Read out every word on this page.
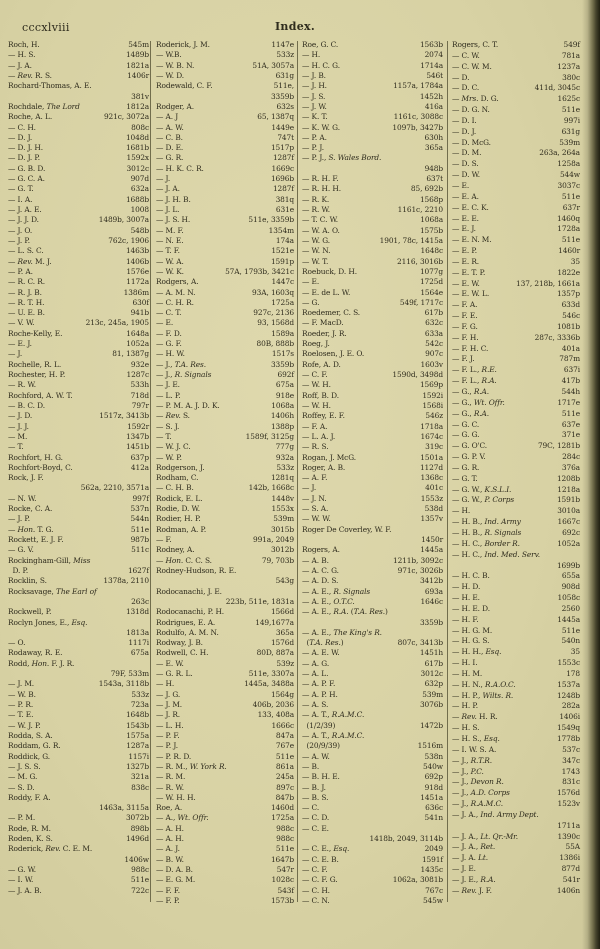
cccxlviii	Index.
Roch, H.	545m
— H. S.	1489b
— J. A.	1821a
— Rev. R. S.	1406r
Rochard-Thomas, A. E.
381v
Rochdale, The Lord	1812a
Roche, A. L.	921c, 3072a
— C. H.	808c
— D. J.	1048d
— D. J. H.	1681b
— D. J. P.	1592x
— G. B. D.	3012c
— G. C. A.	907d
— G. T.	632a
— I. A.	1688b
— J. A. E.	1008
— J. J. D.	1489b, 3007a
— J. O.	548b
— J. P.	762c, 1906
— L. S. C.	1463b
— Rev. M. J.	1406b
— P. A.	1576e
— R. C. R.	1172a
— R. J. B.	1386m
— R. T. H.	630f
— U. E. B.	941b
— V. W.	213c, 245a, 1905
Roche-Kelly, E.	1648a
— E. J.	1052a
— J.	81, 1387g
Rochelle, R. L.	932e
Rochester, H. P.	1287c
— R. W.	533h
Rochford, A. W. T.	718d
— B. C. D.	797r
— J. D.	1517z, 3413b
— J. J.	1592r
— M.	1347b
— T.	1451b
Rochfort, H. G.	637p
Rochfort-Boyd, C.	412a
Rock, J. F.
562a, 2210, 3571a
— N. W.	997f
Rocke, C. A.	537n
— J. P.	544n
— Hon. T. G.	511e
Rockett, E. J. F.	987b
— G. V.	511c
Rockingham-Gill, Miss
D. P.	1627f
Rocklin, S.	1378a, 2110
Rocksavage, The Earl of
263c
Rockwell, P.	1318d
Roclyn Jones, E., Esq.
1813a
— O.	1117i
Rodaway, R. E.	675a
Rodd, Hon. F. J. R.
79F, 533m
— J. M.	1543a, 3118b
— W. B.	533z
— P. R.	723a
— T. E.	1648b
— W. J. P.	1543b
Rodda, S. A.	1575a
Roddam, G. R.	1287a
Roddick, G.	1157i
— J. S. S.	1327b
— M. G.	321a
— S. D.	838c
Roddy, F. A.
1463a, 3115a
— P. M.	3072b
Rode, R. M.	898b
Roden, K. S.	1496d
Roderick, Rev. C. E. M.
1406w
— G. W.	988c
— I. W.	511e
— J. A. B.	722c
Roderick, J. M.	1147e
— W.B.	533z
— W. B. N.	51A, 3057a
— W. D.	631g
Rodewald, C. F.	511e,
3359b
Rodger, A.	632s
— A. J	65, 1387q
— A. W.	1449e
— C. B.	747t
— D. E.	1517p
— G. R.	1287f
— H. K. C. R.	1669c
— J.	1696b
— J. A.	1287f
— J. H. B.	381q
— J. L.	631e
— J. S. H.	511e, 3359b
— M. F.	1354m
— N. E.	174a
— T. F.	1521e
— W. A.	1591p
— W. K.	57A, 1793b, 3421c
Rodgers, A.	1447c
— A. M. N.	93A, 1603q
— C. H. R.	1725a
— C. T.	927c, 2136
— E.	93, 1568d
— F. D.	1589a
— G. F.	80B, 888b
— H. W.	1517s
— J., T.A. Res.	3359b
— J., R. Signals	692f
— J. E.	675a
— L. P.	918e
— P. M. A. J. D. K.	1068a
— Rev. S.	1406h
— S. J.	1388p
— T.	1589f, 3125g
— W. J. C.	777g
— W. P.	932a
Rodgerson, J.	533z
Rodham, C.	1281q
— C. H. B.	142b, 1668c
Rodick, E. L.	1448v
Rodie, D. W.	1553x
Rodier, H. P.	539m
Rodman, A. P.	3015b
— F.	991a, 2049
Rodney, A.	3012b
— Hon. C. C. S.	79, 703b
Rodney-Hudson, R. E.
543g
Rodocanachi, J. E.
223b, 511e, 1831a
Rodocanachi, P. H.	1566d
Rodrigues, E. A.	149,1677a
Rodulfo, A. M. N.	365a
Rodway, J. B.	1576d
Rodwell, C. H.	80D, 887a
— E. W.	539z
— G. R. L.	511e, 3307a
— H.	1445a, 3488a
— J. G.	1564g
— J. M.	406b, 2036
— J. R.	133, 408a
— L. H.	1666c
— P. F.	847a
— P. J.	767e
— P. R. D.	511e
— R. M., W. York R.	861a
— R. M.	245a
— R. W.	897c
— W. H. H.	847b
Roe, A.	1460d
— A., Wt. Offr.	1725a
— A. H.	988c
— A. H.	988c
— A. J.	511e
— B. W.	1647b
— D. A. B.	547r
— E. G. M.	1028c
— F. F.	543f
— F. P.	1573b
Roe, G. C.	1563b
— H.	2074
— H. C. G.	1714a
— J. B.	546t
— J. H.	1157a, 1784a
— J. S.	1452h
— J. W.	416a
— K. T.	1161c, 3088c
— K. W. G.	1097b, 3427b
— P. A.	630h
— P. J.	365a
— P. J., S. Wales Bord.
948b
— R. H. F.	637t
— R. H. H.	85, 692b
— R. K.	1568p
— R. W.	1161c, 2210
— T. C. W.	1068a
— W. A. O.	1575b
— W. G.	1901, 78c, 1415a
— W. N.	1648c
— W. T.	2116, 3016b
Roebuck, D. H.	1077g
— E.	1725d
— E. de L. W.	1564e
— G.	549f, 1717c
Roedemer, C. S.	617b
— F. MacD.	632c
Roeder, J. R.	633a
Roeg, J.	542c
Roelosen, J. E. O.	907c
Rofe, A. D.	1603v
— C. F.	1590d, 3498d
— W. H.	1569p
Roff, B. D.	1592i
— W. H.	1568i
Roffey, E. F.	546z
— F. A.	1718a
— L. A. J.	1674c
— R. S.	319c
Rogan, J. McG.	1501a
Roger, A. B.	1127d
— A. F.	1368c
— J.	401c
— J. N.	1553z
— S. A.	538d
— W. W.	1357v
Roger De Coverley, W. F.
1450r
Rogers, A.	1445a
— A. B.	1211b, 3092c
— A. C. G.	971c, 3026b
— A. D. S.	3412b
— A. E., R. Signals	693a
— A. E., O.T.C.	1646c
— A. E., R.A. (T.A. Res.)
3359b
— A. E., The King's R.
(T.A. Res.)	807c, 3413b
— A. E. W.	1451h
— A. G.	617b
— A. L.	3012c
— A. P. F.	632p
— A. P. H.	539m
— A. S.	3076b
— A. T., R.A.M.C.
(1/2/39)	1472b
— A. T., R.A.M.C.
(20/9/39)	1516m
— A. W.	538n
— B.	540w
— B. H. E.	692p
— B. J.	918d
— B. S.	1451a
— C.	636c
— C. D.	541n
— C. E.
1418b, 2049, 3114b
— C. E., Esq.	2049
— C. E. B.	1591f
— C. F.	1435c
— C. F. G.	1062a, 3081b
— C. H.	767c
— C. N.	545w
Rogers, C. T.	549f
— C. W.	781a
— C. W. M.	1237a
— D.	380c
— D. C.	411d, 3045c
— Mrs. D. G.	1625c
— D. G. N.	511e
— D. I.	997i
— D. J.	631g
— D. McG.	539m
— D. M.	263a, 264a
— D. S.	1258a
— D. W.	544w
— E.	3037c
— E. A.	511e
— E. C. K.	637r
— E. E.	1460q
— E. J.	1728a
— E. N. M.	511e
— E. P.	1460r
— E. R.	35
— E. T. P.	1822e
— E. W.	137, 218b, 1661a
— E. W. L.	1357p
— F. A.	633d
— F. E.	546c
— F. G.	1081b
— F. H.	287c, 3336b
— F. H. C.	401a
— F. J.	787m
— F. L., R.E.	637i
— F. L., R.A.	417b
— G., R.A.	544h
— G., Wt. Offr.	1717e
— G., R.A.	511e
— G. C.	637e
— G. G.	371e
— G. O'C.	79C, 1281b
— G. P. V.	284c
— G. R.	376a
— G. T.	1208b
— G. W., K.S.L.I.	1218a
— G. W., P. Corps	1591b
— H.	3010a
— H. B., Ind. Army	1667c
— H. B., R. Signals	692c
— H. C., Border R.	1052a
— H. C., Ind. Med. Serv.
1699b
— H. C. B.	655a
— H. D.	908d
— H. E.	1058c
— H. E. D.	2560
— H. F.	1445a
— H. G. M.	511e
— H. G. S.	540n
— H. H., Esq.	35
— H. I.	1553c
— H. M.	178
— H. N., R.A.O.C.	1537a
— H. P., Wilts. R.	1248b
— H. P.	282a
— Rev. H. R.	1406i
— H. S.	1549q
— H. S., Esq.	1778b
— I. W. S. A.	537c
— J., R.T.R.	347c
— J., P.C.	1743
— J., Devon R.	831c
— J., A.D. Corps	1576d
— J., R.A.M.C.	1523v
— J. A., Ind. Army Dept.
1711a
— J. A., Lt. Qr.-Mr.	1390c
— J. A., Ret.	55A
— J. A. Lt.	1386i
— J. E.	877d
— J. E., R.A.	541r
— Rev. J. F.	1406n
